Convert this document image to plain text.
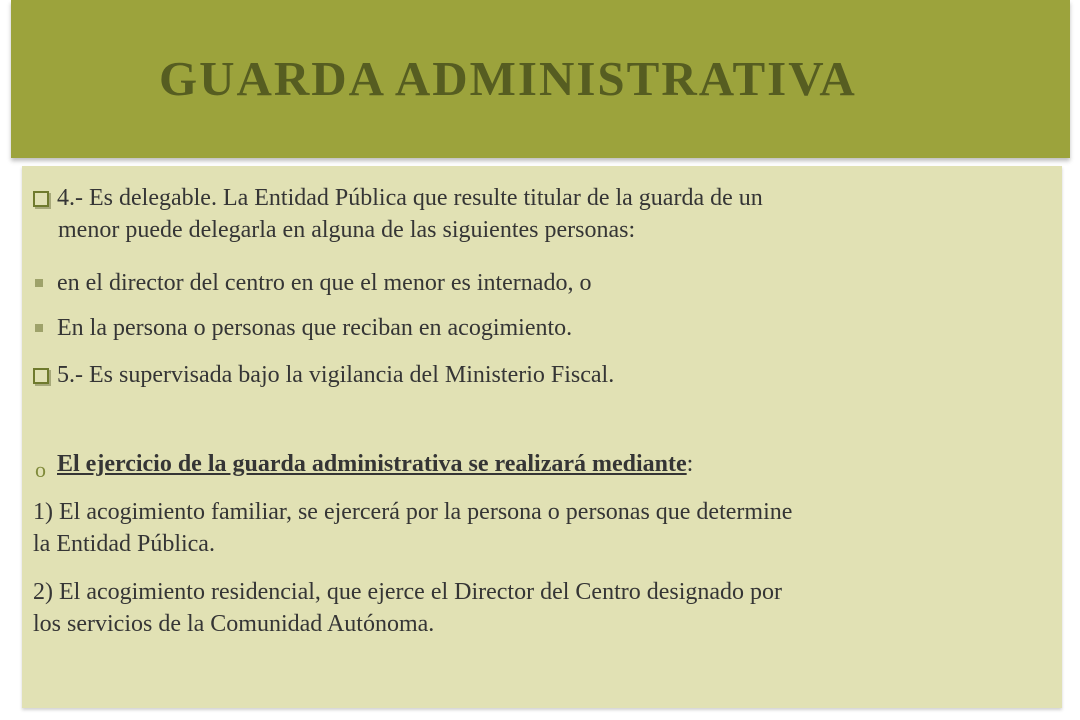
GUARDA ADMINISTRATIVA
4.- Es delegable. La Entidad Pública que resulte titular de la guarda de un
menor puede delegarla en alguna de las siguientes personas:
en el director del centro en que el menor es internado, o
En la persona o personas que reciban en acogimiento.
5.- Es supervisada bajo la vigilancia del Ministerio Fiscal.
o El ejercicio de la guarda administrativa se realizará mediante:
1) El acogimiento familiar, se ejercerá por la persona o personas que determine
la Entidad Pública.
2) El acogimiento residencial, que ejerce el Director del Centro designado por
los servicios de la Comunidad Autónoma.
